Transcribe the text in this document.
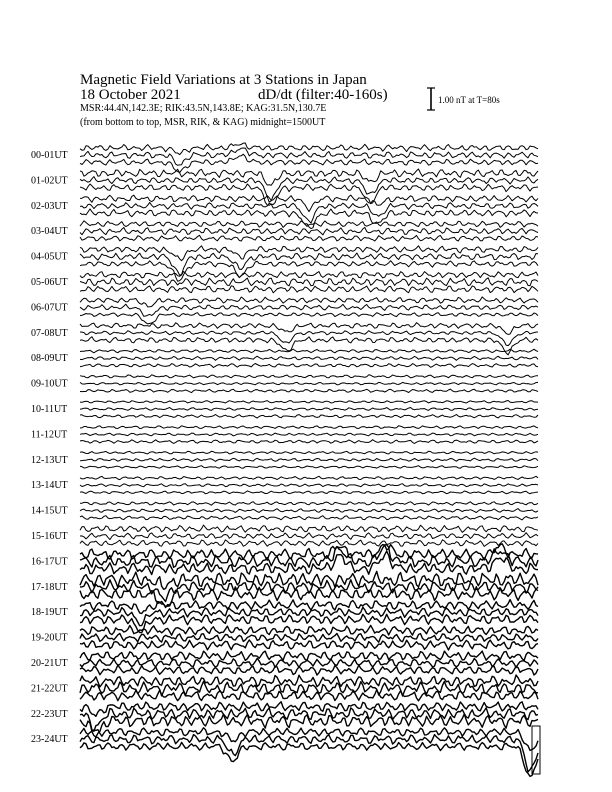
Magnetic Field Variations at 3 Stations in Japan
18 October 2021	dD/dt (filter:40-160s)
MSR:44.4N,142.3E; RIK:43.5N,143.8E; KAG:31.5N,130.7E
(from bottom to top, MSR, RIK, & KAG) midnight=1500UT
1.00 nT at T=80s
00-01UT
01-02UT
02-03UT
03-04UT
04-05UT
05-06UT
06-07UT
07-08UT
08-09UT
09-10UT
10-11UT
11-12UT
12-13UT
13-14UT
14-15UT
15-16UT
16-17UT
17-18UT
18-19UT
19-20UT
20-21UT
21-22UT
22-23UT
23-24UT
